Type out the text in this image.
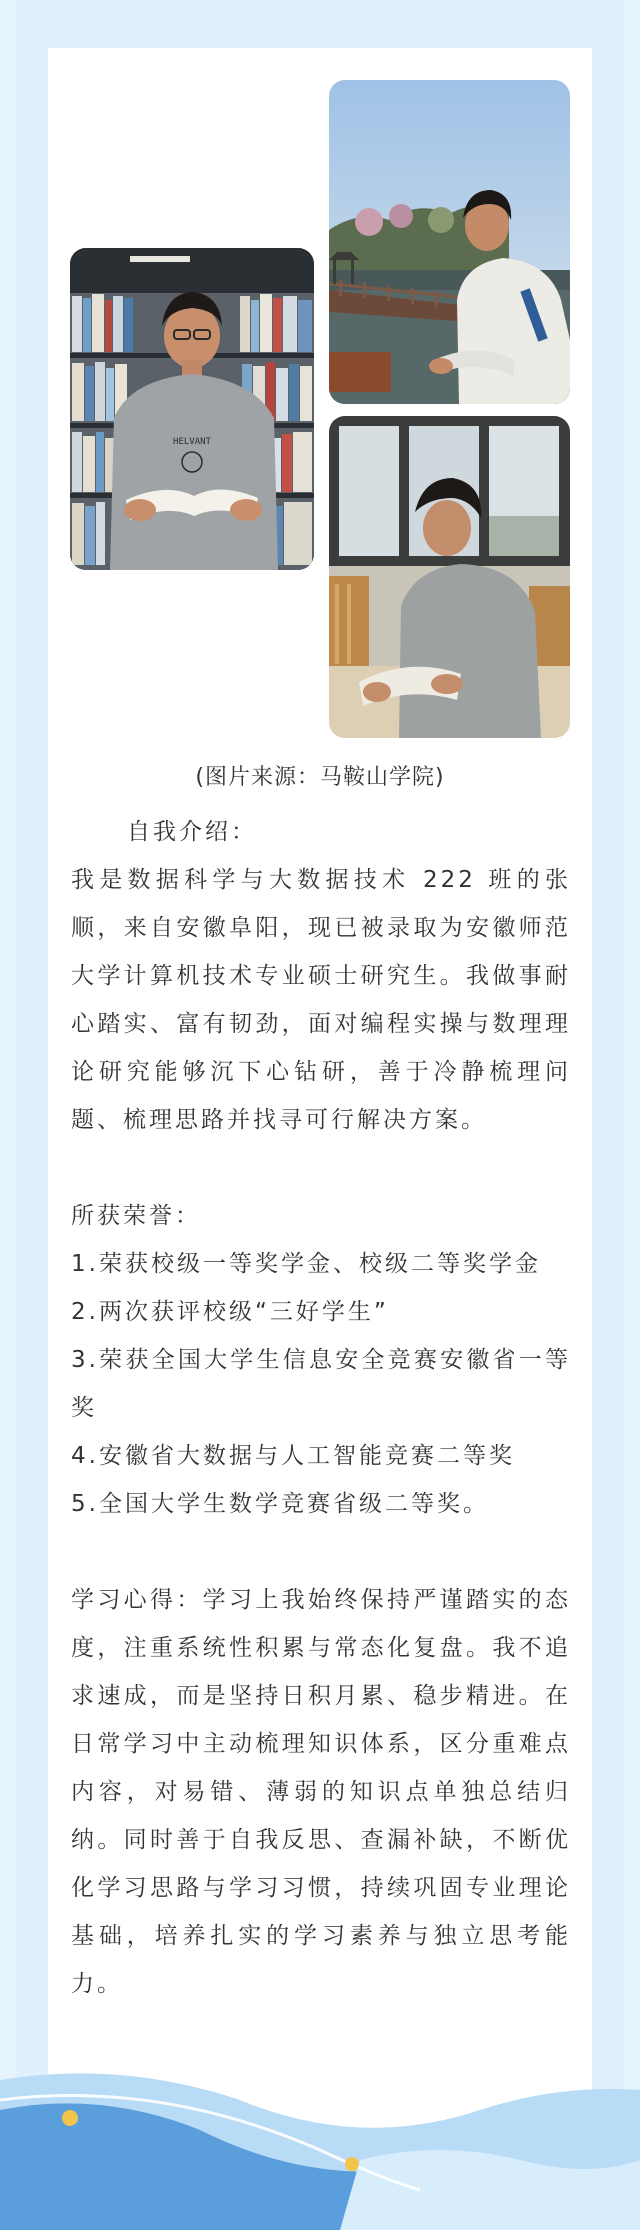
HELVANT
(图片来源：马鞍山学院)

自我介绍：

我是数据科学与大数据技术 222 班的张顺，来自安徽阜阳，现已被录取为安徽师范大学计算机技术专业硕士研究生。我做事耐心踏实、富有韧劲，面对编程实操与数理理论研究能够沉下心钻研，善于冷静梳理问题、梳理思路并找寻可行解决方案。

所获荣誉：

1.荣获校级一等奖学金、校级二等奖学金

2.两次获评校级“三好学生”

3.荣获全国大学生信息安全竞赛安徽省一等奖

4.安徽省大数据与人工智能竞赛二等奖

5.全国大学生数学竞赛省级二等奖。

学习心得：学习上我始终保持严谨踏实的态度，注重系统性积累与常态化复盘。我不追求速成，而是坚持日积月累、稳步精进。在日常学习中主动梳理知识体系，区分重难点内容，对易错、薄弱的知识点单独总结归纳。同时善于自我反思、查漏补缺，不断优化学习思路与学习习惯，持续巩固专业理论基础，培养扎实的学习素养与独立思考能力。
